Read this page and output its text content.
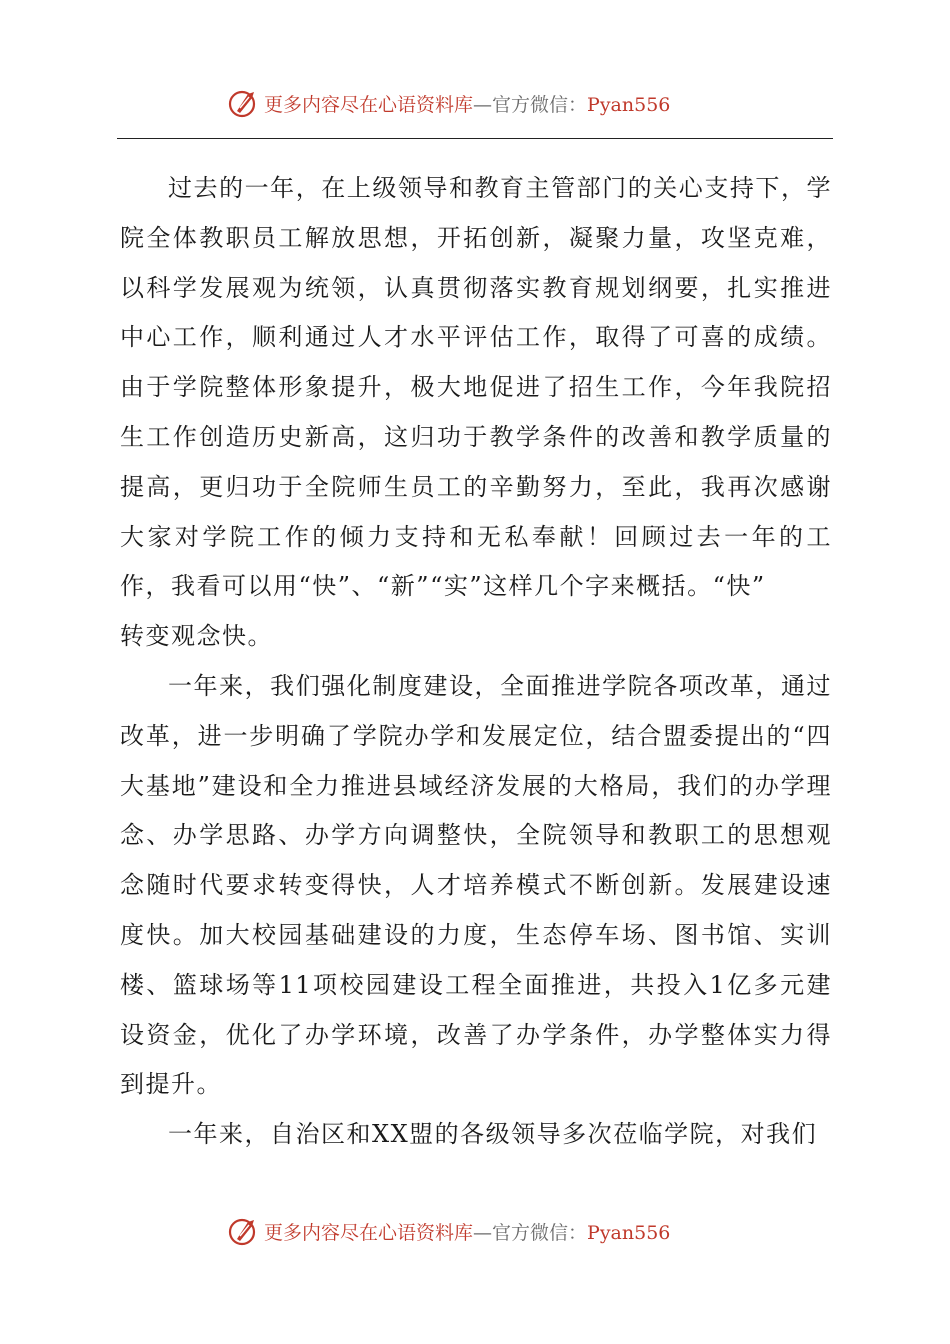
更多内容尽在心语资料库—官方微信：Pyan556

过去的一年，在上级领导和教育主管部门的关心支持下，学院全体教职员工解放思想，开拓创新，凝聚力量，攻坚克难，以科学发展观为统领，认真贯彻落实教育规划纲要，扎实推进中心工作，顺利通过人才水平评估工作，取得了可喜的成绩。由于学院整体形象提升，极大地促进了招生工作，今年我院招生工作创造历史新高，这归功于教学条件的改善和教学质量的提高，更归功于全院师生员工的辛勤努力，至此，我再次感谢大家对学院工作的倾力支持和无私奉献！回顾过去一年的工作，我看可以用“快”、“新”“实”这样几个字来概括。“快”

转变观念快。

一年来，我们强化制度建设，全面推进学院各项改革，通过改革，进一步明确了学院办学和发展定位，结合盟委提出的“四大基地”建设和全力推进县域经济发展的大格局，我们的办学理念、办学思路、办学方向调整快，全院领导和教职工的思想观念随时代要求转变得快，人才培养模式不断创新。发展建设速度快。加大校园基础建设的力度，生态停车场、图书馆、实训楼、篮球场等11项校园建设工程全面推进，共投入1亿多元建设资金，优化了办学环境，改善了办学条件，办学整体实力得到提升。

一年来，自治区和XX盟的各级领导多次莅临学院，对我们

更多内容尽在心语资料库—官方微信：Pyan556
